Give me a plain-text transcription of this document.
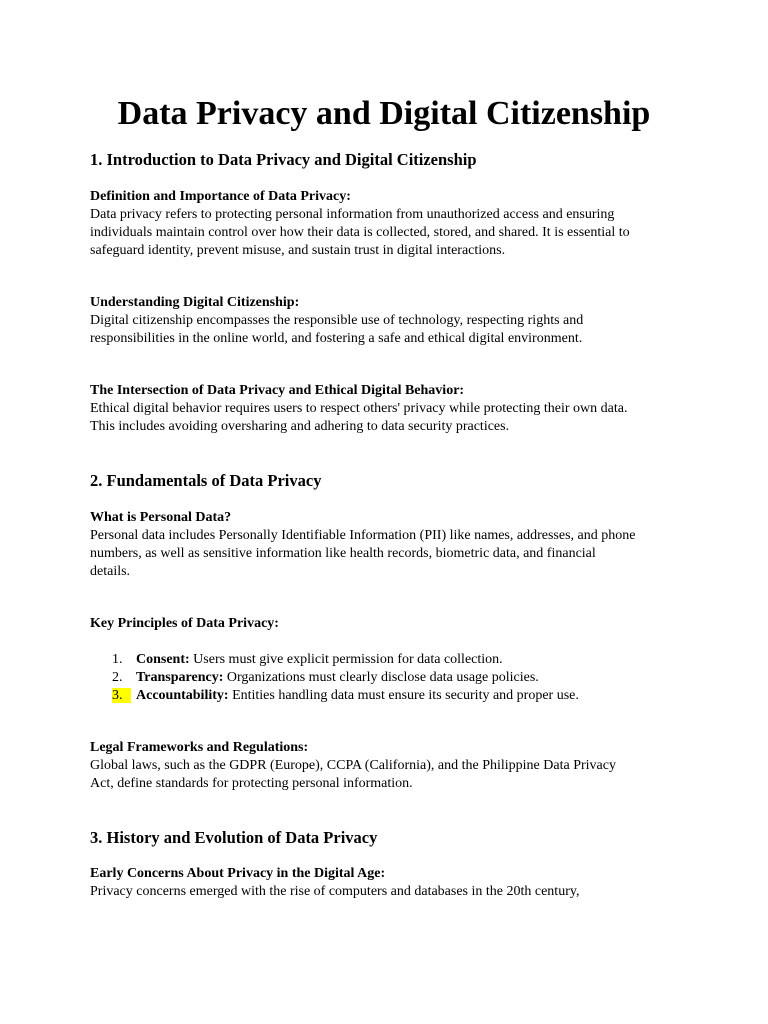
Data Privacy and Digital Citizenship
1. Introduction to Data Privacy and Digital Citizenship
Definition and Importance of Data Privacy:
Data privacy refers to protecting personal information from unauthorized access and ensuring
individuals maintain control over how their data is collected, stored, and shared. It is essential to
safeguard identity, prevent misuse, and sustain trust in digital interactions.
Understanding Digital Citizenship:
Digital citizenship encompasses the responsible use of technology, respecting rights and
responsibilities in the online world, and fostering a safe and ethical digital environment.
The Intersection of Data Privacy and Ethical Digital Behavior:
Ethical digital behavior requires users to respect others' privacy while protecting their own data.
This includes avoiding oversharing and adhering to data security practices.
2. Fundamentals of Data Privacy
What is Personal Data?
Personal data includes Personally Identifiable Information (PII) like names, addresses, and phone
numbers, as well as sensitive information like health records, biometric data, and financial
details.
Key Principles of Data Privacy:
1. Consent: Users must give explicit permission for data collection.
2. Transparency: Organizations must clearly disclose data usage policies.
3. Accountability: Entities handling data must ensure its security and proper use.
Legal Frameworks and Regulations:
Global laws, such as the GDPR (Europe), CCPA (California), and the Philippine Data Privacy
Act, define standards for protecting personal information.
3. History and Evolution of Data Privacy
Early Concerns About Privacy in the Digital Age:
Privacy concerns emerged with the rise of computers and databases in the 20th century,
